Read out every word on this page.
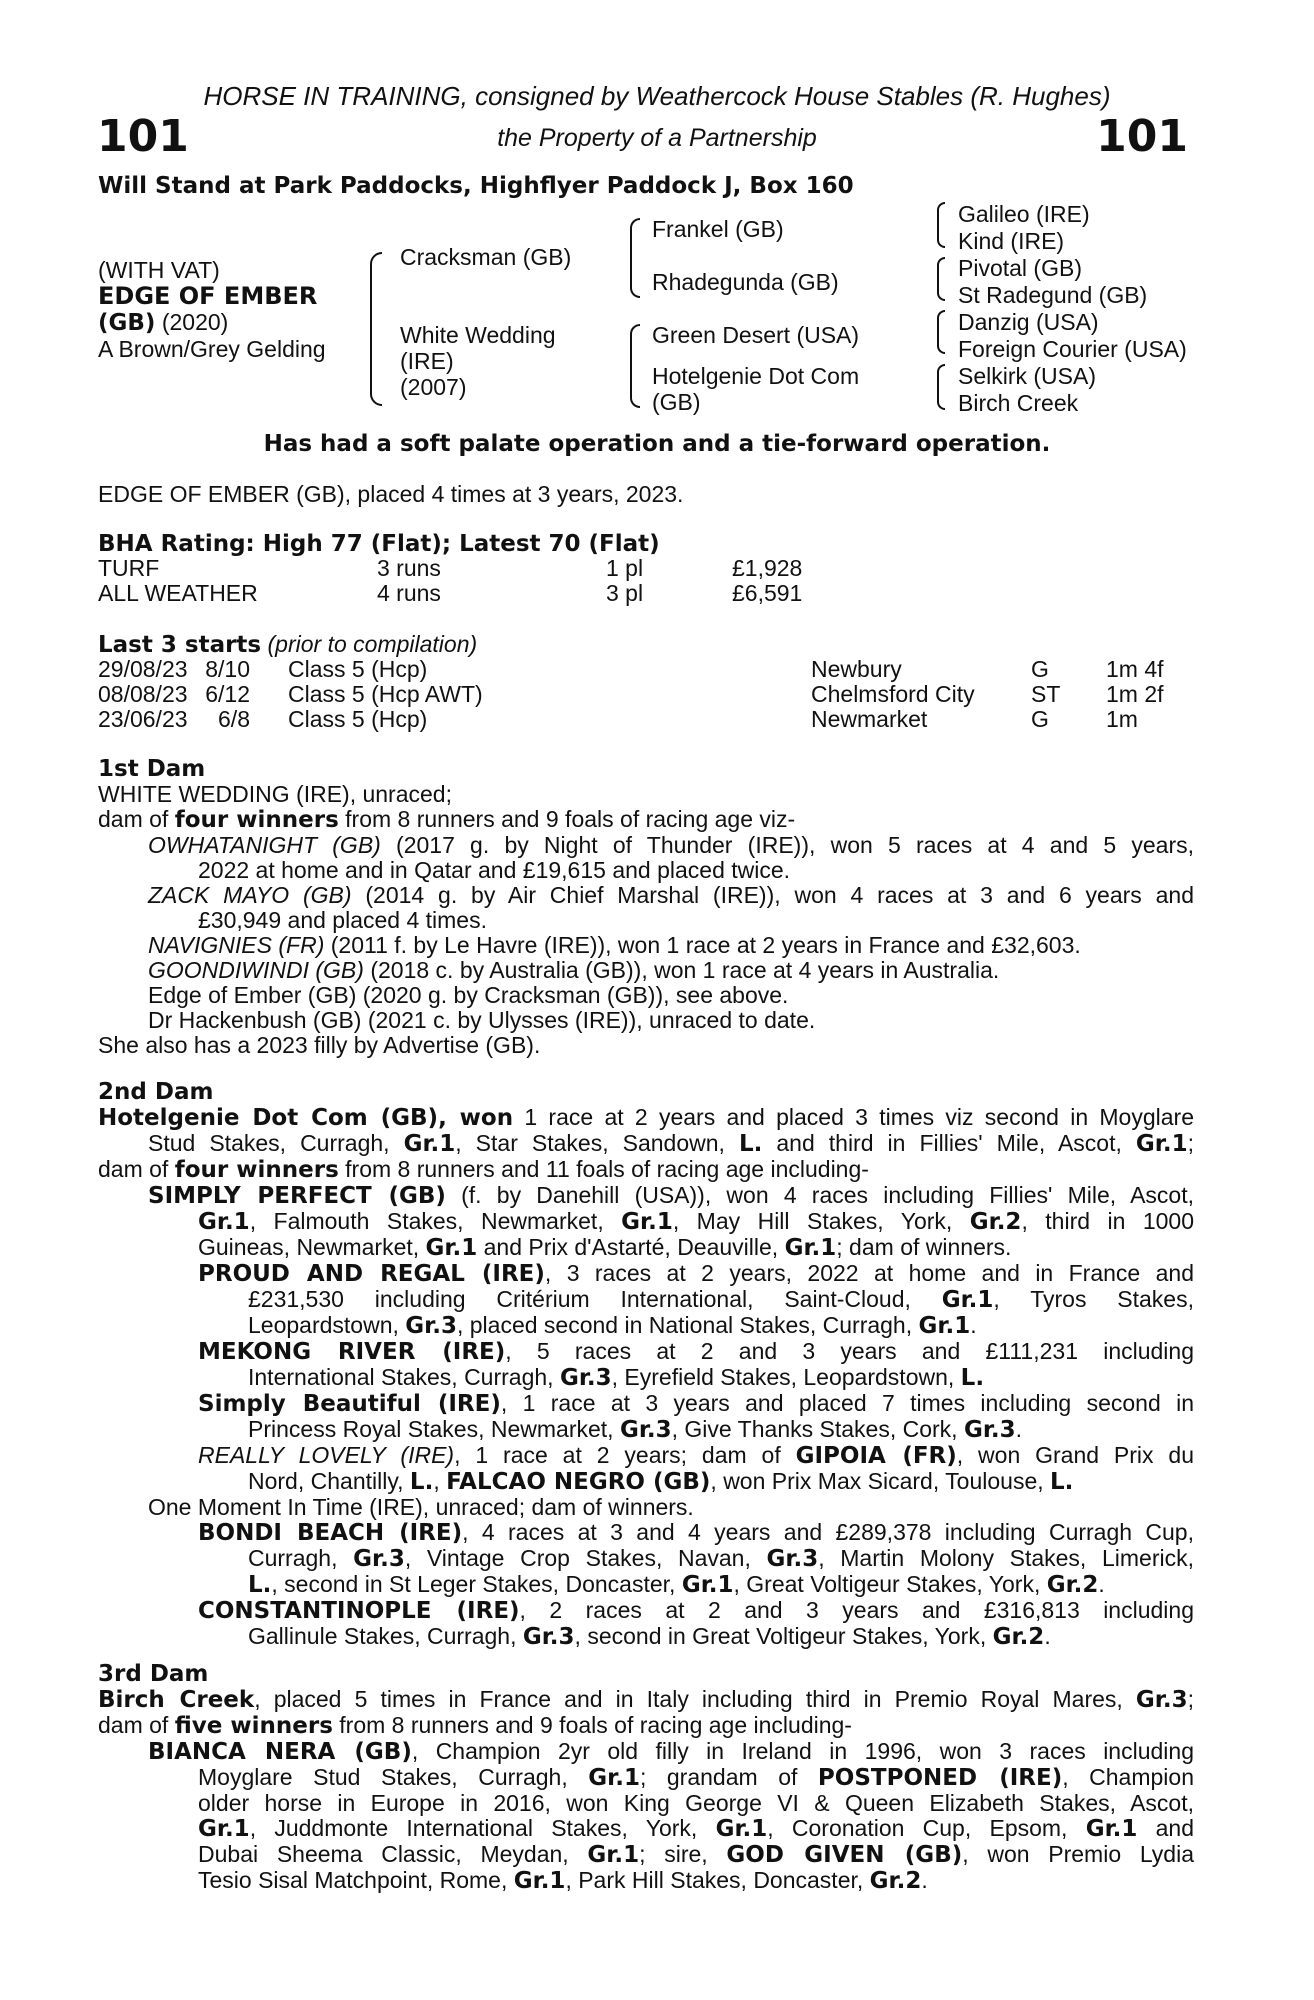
HORSE IN TRAINING, consigned by Weathercock House Stables (R. Hughes)
101	101
the Property of a Partnership
Will Stand at Park Paddocks, Highflyer Paddock J, Box 160
(WITH VAT)
EDGE OF EMBER
(GB) (2020)
A Brown/Grey Gelding
Cracksman (GB)
White Wedding
(IRE)
(2007)
Frankel (GB)
Rhadegunda (GB)
Green Desert (USA)
Hotelgenie Dot Com
(GB)
Galileo (IRE)
Kind (IRE)
Pivotal (GB)
St Radegund (GB)
Danzig (USA)
Foreign Courier (USA)
Selkirk (USA)
Birch Creek
Has had a soft palate operation and a tie-forward operation.
EDGE OF EMBER (GB), placed 4 times at 3 years, 2023.
BHA Rating: High 77 (Flat); Latest 70 (Flat)
TURF	3 runs	1 pl	£1,928
ALL WEATHER	4 runs	3 pl	£6,591
Last 3 starts (prior to compilation)
29/08/23 8/10 Class 5 (Hcp)	Newbury	G 1m 4f
08/08/23 6/12 Class 5 (Hcp AWT)	Chelmsford City ST 1m 2f
23/06/23	6/8 Class 5 (Hcp)	Newmarket	G 1m
1st Dam
WHITE WEDDING (IRE), unraced;
dam of four winners from 8 runners and 9 foals of racing age viz-
OWHATANIGHT (GB) (2017 g. by Night of Thunder (IRE)), won 5 races at 4 and 5 years,
2022 at home and in Qatar and £19,615 and placed twice.
ZACK MAYO (GB) (2014 g. by Air Chief Marshal (IRE)), won 4 races at 3 and 6 years and
£30,949 and placed 4 times.
NAVIGNIES (FR) (2011 f. by Le Havre (IRE)), won 1 race at 2 years in France and £32,603.
GOONDIWINDI (GB) (2018 c. by Australia (GB)), won 1 race at 4 years in Australia.
Edge of Ember (GB) (2020 g. by Cracksman (GB)), see above.
Dr Hackenbush (GB) (2021 c. by Ulysses (IRE)), unraced to date.
She also has a 2023 filly by Advertise (GB).
2nd Dam
Hotelgenie Dot Com (GB), won 1 race at 2 years and placed 3 times viz second in Moyglare
Stud Stakes, Curragh, Gr.1, Star Stakes, Sandown, L. and third in Fillies' Mile, Ascot, Gr.1;
dam of four winners from 8 runners and 11 foals of racing age including-
SIMPLY PERFECT (GB) (f. by Danehill (USA)), won 4 races including Fillies' Mile, Ascot,
Gr.1, Falmouth Stakes, Newmarket, Gr.1, May Hill Stakes, York, Gr.2, third in 1000
Guineas, Newmarket, Gr.1 and Prix d'Astarté, Deauville, Gr.1; dam of winners.
PROUD AND REGAL (IRE), 3 races at 2 years, 2022 at home and in France and
£231,530 including Critérium International, Saint-Cloud, Gr.1, Tyros Stakes,
Leopardstown, Gr.3, placed second in National Stakes, Curragh, Gr.1.
MEKONG RIVER (IRE), 5 races at 2 and 3 years and £111,231 including
International Stakes, Curragh, Gr.3, Eyrefield Stakes, Leopardstown, L.
Simply Beautiful (IRE), 1 race at 3 years and placed 7 times including second in
Princess Royal Stakes, Newmarket, Gr.3, Give Thanks Stakes, Cork, Gr.3.
REALLY LOVELY (IRE), 1 race at 2 years; dam of GIPOIA (FR), won Grand Prix du
Nord, Chantilly, L., FALCAO NEGRO (GB), won Prix Max Sicard, Toulouse, L.
One Moment In Time (IRE), unraced; dam of winners.
BONDI BEACH (IRE), 4 races at 3 and 4 years and £289,378 including Curragh Cup,
Curragh, Gr.3, Vintage Crop Stakes, Navan, Gr.3, Martin Molony Stakes, Limerick,
L., second in St Leger Stakes, Doncaster, Gr.1, Great Voltigeur Stakes, York, Gr.2.
CONSTANTINOPLE (IRE), 2 races at 2 and 3 years and £316,813 including
Gallinule Stakes, Curragh, Gr.3, second in Great Voltigeur Stakes, York, Gr.2.
3rd Dam
Birch Creek, placed 5 times in France and in Italy including third in Premio Royal Mares, Gr.3;
dam of five winners from 8 runners and 9 foals of racing age including-
BIANCA NERA (GB), Champion 2yr old filly in Ireland in 1996, won 3 races including
Moyglare Stud Stakes, Curragh, Gr.1; grandam of POSTPONED (IRE), Champion
older horse in Europe in 2016, won King George VI & Queen Elizabeth Stakes, Ascot,
Gr.1, Juddmonte International Stakes, York, Gr.1, Coronation Cup, Epsom, Gr.1 and
Dubai Sheema Classic, Meydan, Gr.1; sire, GOD GIVEN (GB), won Premio Lydia
Tesio Sisal Matchpoint, Rome, Gr.1, Park Hill Stakes, Doncaster, Gr.2.
